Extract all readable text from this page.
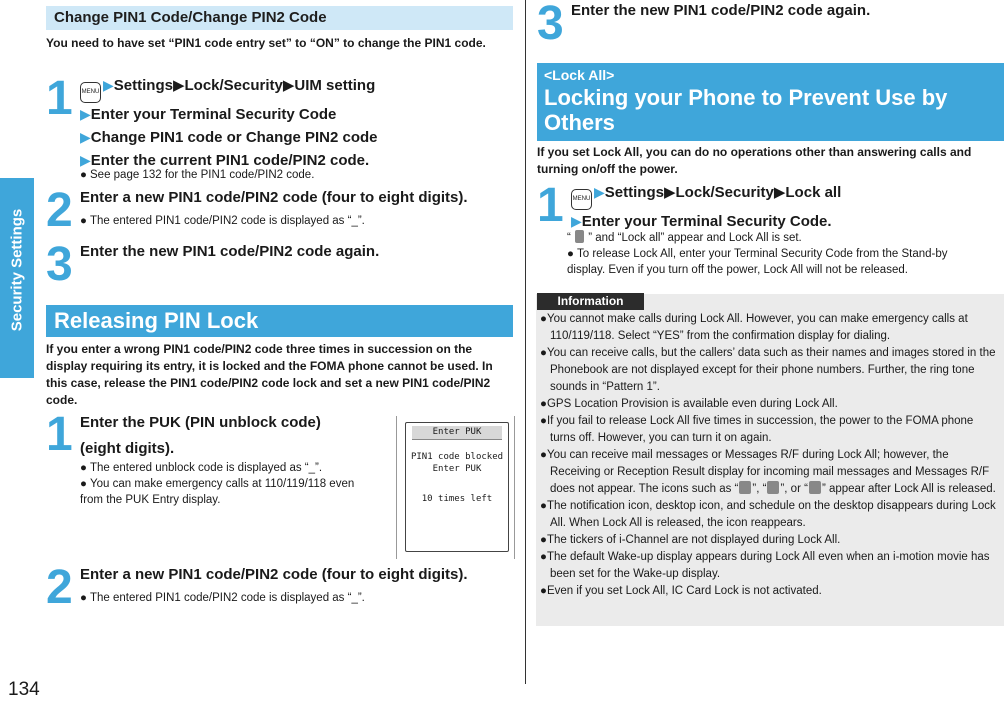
Security Settings
134
Change PIN1 Code/Change PIN2 Code

You need to have set “PIN1 code entry set” to “ON” to change the PIN1 code.

1 MENU ▶Settings▶Lock/Security▶UIM setting
▶Enter your Terminal Security Code
▶Change PIN1 code or Change PIN2 code
▶Enter the current PIN1 code/PIN2 code.
● See page 132 for the PIN1 code/PIN2 code.
2 Enter a new PIN1 code/PIN2 code (four to eight digits).
● The entered PIN1 code/PIN2 code is displayed as “_”.
3 Enter the new PIN1 code/PIN2 code again.
Releasing PIN Lock

If you enter a wrong PIN1 code/PIN2 code three times in succession on the display requiring its entry, it is locked and the FOMA phone cannot be used. In this case, release the PIN1 code/PIN2 code lock and set a new PIN1 code/PIN2 code.

1 Enter the PUK (PIN unblock code)
(eight digits).
● The entered unblock code is displayed as “_”.
● You can make emergency calls at 110/119/118 even from the PUK Entry display.
Enter PUK
PIN1 code blocked
Enter PUK
10 times left
2 Enter a new PIN1 code/PIN2 code (four to eight digits).
● The entered PIN1 code/PIN2 code is displayed as “_”.
3 Enter the new PIN1 code/PIN2 code again.
<Lock All>
Locking your Phone to Prevent Use by Others

If you set Lock All, you can do no operations other than answering calls and turning on/off the power.

1 MENU ▶Settings▶Lock/Security▶Lock all
▶Enter your Terminal Security Code.
“  ” and “Lock all” appear and Lock All is set.
● To release Lock All, enter your Terminal Security Code from the Stand-by display. Even if you turn off the power, Lock All will not be released.
Information
●You cannot make calls during Lock All. However, you can make emergency calls at 110/119/118. Select “YES” from the confirmation display for dialing.
●You can receive calls, but the callers’ data such as their names and images stored in the Phonebook are not displayed except for their phone numbers. Further, the ring tone sounds in “Pattern 1”.
●GPS Location Provision is available even during Lock All.
●If you fail to release Lock All five times in succession, the power to the FOMA phone turns off. However, you can turn it on again.
●You can receive mail messages or Messages R/F during Lock All; however, the Receiving or Reception Result display for incoming mail messages and Messages R/F does not appear. The icons such as “ ”, “ ”, or “ ” appear after Lock All is released.
●The notification icon, desktop icon, and schedule on the desktop disappears during Lock All. When Lock All is released, the icon reappears.
●The tickers of i-Channel are not displayed during Lock All.
●The default Wake-up display appears during Lock All even when an i-motion movie has been set for the Wake-up display.
●Even if you set Lock All, IC Card Lock is not activated.
